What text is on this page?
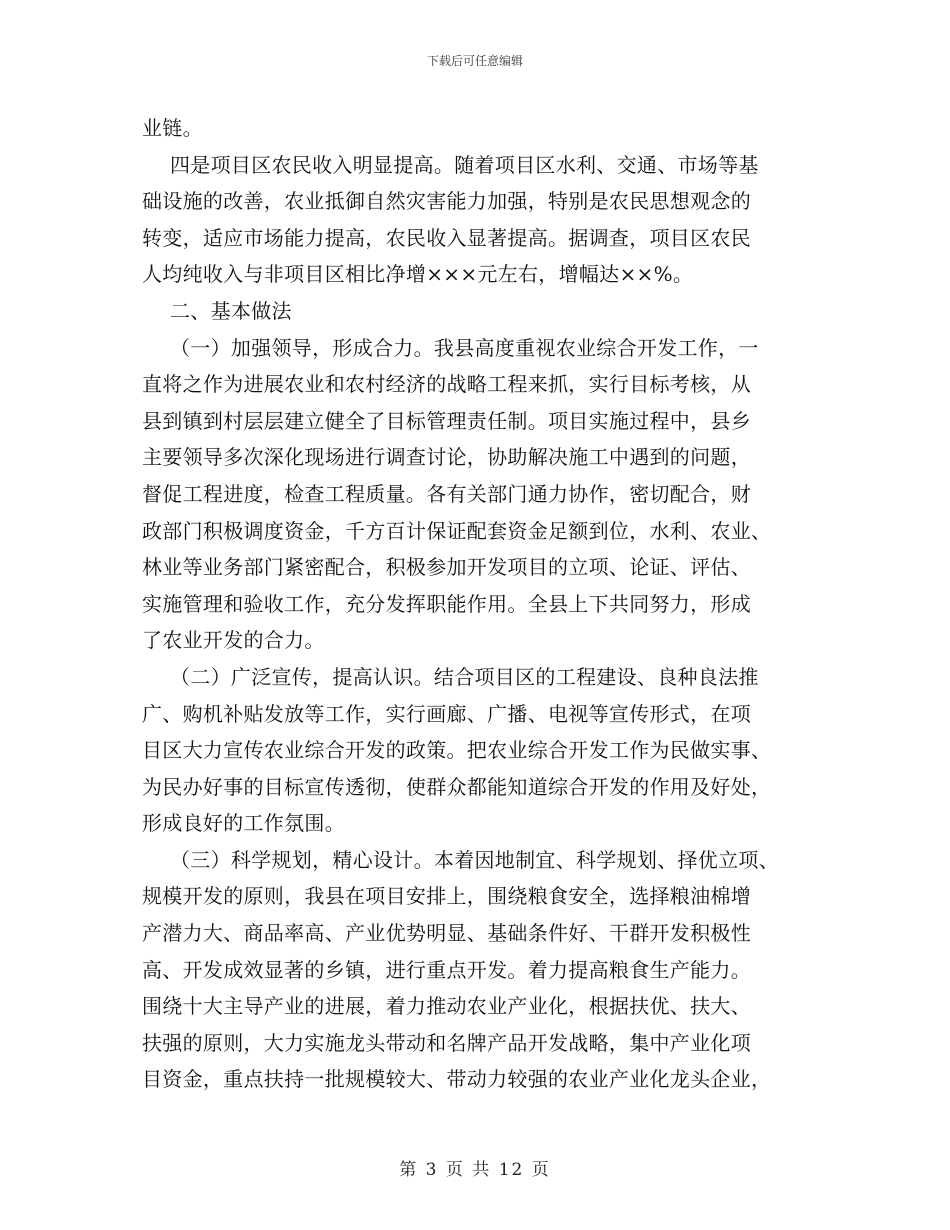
下载后可任意编辑
业链。
四是项目区农民收入明显提高。随着项目区水利、交通、市场等基
础设施的改善，农业抵御自然灾害能力加强，特别是农民思想观念的
转变，适应市场能力提高，农民收入显著提高。据调查，项目区农民
人均纯收入与非项目区相比净增×××元左右，增幅达××%。
二、基本做法
（一）加强领导，形成合力。我县高度重视农业综合开发工作，一
直将之作为进展农业和农村经济的战略工程来抓，实行目标考核，从
县到镇到村层层建立健全了目标管理责任制。项目实施过程中，县乡
主要领导多次深化现场进行调查讨论，协助解决施工中遇到的问题，
督促工程进度，检查工程质量。各有关部门通力协作，密切配合，财
政部门积极调度资金，千方百计保证配套资金足额到位，水利、农业、
林业等业务部门紧密配合，积极参加开发项目的立项、论证、评估、
实施管理和验收工作，充分发挥职能作用。全县上下共同努力，形成
了农业开发的合力。
（二）广泛宣传，提高认识。结合项目区的工程建设、良种良法推
广、购机补贴发放等工作，实行画廊、广播、电视等宣传形式，在项
目区大力宣传农业综合开发的政策。把农业综合开发工作为民做实事、
为民办好事的目标宣传透彻，使群众都能知道综合开发的作用及好处，
形成良好的工作氛围。
（三）科学规划，精心设计。本着因地制宜、科学规划、择优立项、
规模开发的原则，我县在项目安排上，围绕粮食安全，选择粮油棉增
产潜力大、商品率高、产业优势明显、基础条件好、干群开发积极性
高、开发成效显著的乡镇，进行重点开发。着力提高粮食生产能力。
围绕十大主导产业的进展，着力推动农业产业化，根据扶优、扶大、
扶强的原则，大力实施龙头带动和名牌产品开发战略，集中产业化项
目资金，重点扶持一批规模较大、带动力较强的农业产业化龙头企业，
第 3 页 共 12 页
